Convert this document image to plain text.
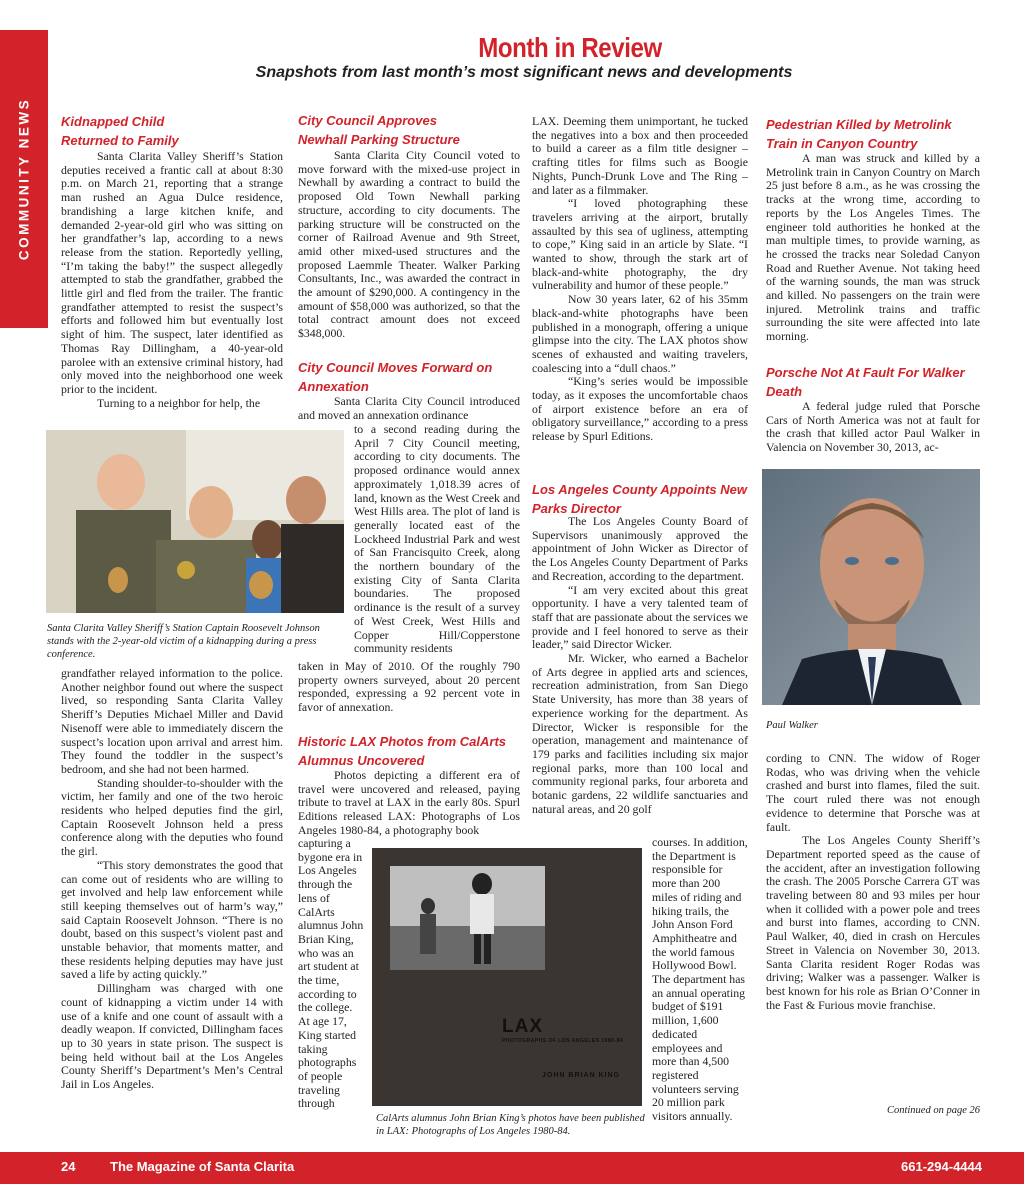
COMMUNITY NEWS
Month in Review
Snapshots from last month’s most significant news and developments
Kidnapped Child Returned to Family

Santa Clarita Valley Sheriff’s Station deputies received a frantic call at about 8:30 p.m. on March 21, reporting that a strange man rushed an Agua Dulce residence, brandishing a large kitchen knife, and demanded 2-year-old girl who was sitting on her grandfather’s lap, according to a news release from the station. Reportedly yelling, “I’m taking the baby!” the suspect allegedly attempted to stab the grandfather, grabbed the little girl and fled from the trailer. The frantic grandfather attempted to resist the suspect’s efforts and followed him but eventually lost sight of him. The suspect, later identified as Thomas Ray Dillingham, a 40-year-old parolee with an extensive criminal history, had only moved into the neighborhood one week prior to the incident.

Turning to a neighbor for help, the

Santa Clarita Valley Sheriff’s Station Captain Roosevelt Johnson stands with the 2-year-old victim of a kidnapping during a press conference.

grandfather relayed information to the police. Another neighbor found out where the suspect lived, so responding Santa Clarita Valley Sheriff’s Deputies Michael Miller and David Nisenoff were able to immediately discern the suspect’s location upon arrival and arrest him. They found the toddler in the suspect’s bedroom, and she had not been harmed.

Standing shoulder-to-shoulder with the victim, her family and one of the two heroic residents who helped deputies find the girl, Captain Roosevelt Johnson held a press conference along with the deputies who found the girl.

“This story demonstrates the good that can come out of residents who are willing to get involved and help law enforcement while still keeping themselves out of harm’s way,” said Captain Roosevelt Johnson. “There is no doubt, based on this suspect’s violent past and unstable behavior, that moments matter, and these residents helping deputies may have just saved a life by acting quickly.”

Dillingham was charged with one count of kidnapping a victim under 14 with use of a knife and one count of assault with a deadly weapon. If convicted, Dillingham faces up to 30 years in state prison. The suspect is being held without bail at the Los Angeles County Sheriff’s Department’s Men’s Central Jail in Los Angeles.

City Council Approves Newhall Parking Structure

Santa Clarita City Council voted to move forward with the mixed-use project in Newhall by awarding a contract to build the proposed Old Town Newhall parking structure, according to city documents. The parking structure will be constructed on the corner of Railroad Avenue and 9th Street, amid other mixed-used structures and the proposed Laemmle Theater. Walker Parking Consultants, Inc., was awarded the contract in the amount of $290,000. A contingency in the amount of $58,000 was authorized, so that the total contract amount does not exceed $348,000.

City Council Moves Forward on Annexation

Santa Clarita City Council introduced and moved an annexation ordinance

to a second reading during the April 7 City Council meeting, according to city documents. The proposed ordinance would annex approximately 1,018.39 acres of land, known as the West Creek and West Hills area. The plot of land is generally located east of the Lockheed Industrial Park and west of San Francisquito Creek, along the northern boundary of the existing City of Santa Clarita boundaries. The proposed ordinance is the result of a survey of West Creek, West Hills and Copper Hill/Copperstone community residents

taken in May of 2010. Of the roughly 790 property owners surveyed, about 20 percent responded, expressing a 92 percent vote in favor of annexation.

Historic LAX Photos from CalArts Alumnus Uncovered

Photos depicting a different era of travel were uncovered and released, paying tribute to travel at LAX in the early 80s. Spurl Editions released LAX: Photographs of Los Angeles 1980-84, a photography book

capturing a bygone era in Los Angeles through the lens of CalArts alumnus John Brian King, who was an art student at the time, according to the college. At age 17, King started taking photographs of people traveling through

LAX
PHOTOGRAPHS OF LOS ANGELES 1980-84
JOHN BRIAN KING
CalArts alumnus John Brian King’s photos have been published in LAX: Photographs of Los Angeles 1980-84.

LAX. Deeming them unimportant, he tucked the negatives into a box and then proceeded to build a career as a film title designer – crafting titles for films such as Boogie Nights, Punch-Drunk Love and The Ring – and later as a filmmaker.

“I loved photographing these travelers arriving at the airport, brutally assaulted by this sea of ugliness, attempting to cope,” King said in an article by Slate. “I wanted to show, through the stark art of black-and-white photography, the dry vulnerability and humor of these people.”

Now 30 years later, 62 of his 35mm black-and-white photographs have been published in a monograph, offering a unique glimpse into the city. The LAX photos show scenes of exhausted and waiting travelers, coalescing into a “dull chaos.”

“King’s series would be impossible today, as it exposes the uncomfortable chaos of airport existence before an era of obligatory surveillance,” according to a press release by Spurl Editions.

Los Angeles County Appoints New Parks Director

The Los Angeles County Board of Supervisors unanimously approved the appointment of John Wicker as Director of the Los Angeles County Department of Parks and Recreation, according to the department.

“I am very excited about this great opportunity. I have a very talented team of staff that are passionate about the services we provide and I feel honored to serve as their leader,” said Director Wicker.

Mr. Wicker, who earned a Bachelor of Arts degree in applied arts and sciences, recreation administration, from San Diego State University, has more than 38 years of experience working for the department. As Director, Wicker is responsible for the operation, management and maintenance of 179 parks and facilities including six major regional parks, more than 100 local and community regional parks, four arboreta and botanic gardens, 22 wildlife sanctuaries and natural areas, and 20 golf

courses. In addition, the Department is responsible for more than 200 miles of riding and hiking trails, the John Anson Ford Amphitheatre and the world famous Hollywood Bowl. The department has an annual operating budget of $191 million, 1,600 dedicated employees and more than 4,500 registered volunteers serving 20 million park visitors annually.

Pedestrian Killed by Metrolink Train in Canyon Country

A man was struck and killed by a Metrolink train in Canyon Country on March 25 just before 8 a.m., as he was crossing the tracks at the wrong time, according to reports by the Los Angeles Times. The engineer told authorities he honked at the man multiple times, to provide warning, as he crossed the tracks near Soledad Canyon Road and Ruether Avenue. Not taking heed of the warning sounds, the man was struck and killed. No passengers on the train were injured. Metrolink trains and traffic surrounding the site were affected into late morning.

Porsche Not At Fault For Walker Death

A federal judge ruled that Porsche Cars of North America was not at fault for the crash that killed actor Paul Walker in Valencia on November 30, 2013, ac-

Paul Walker

cording to CNN. The widow of Roger Rodas, who was driving when the vehicle crashed and burst into flames, filed the suit. The court ruled there was not enough evidence to determine that Porsche was at fault.

The Los Angeles County Sheriff’s Department reported speed as the cause of the accident, after an investigation following the crash. The 2005 Porsche Carrera GT was traveling between 80 and 93 miles per hour when it collided with a power pole and trees and burst into flames, according to CNN. Paul Walker, 40, died in crash on Hercules Street in Valencia on November 30, 2013. Santa Clarita resident Roger Rodas was driving; Walker was a passenger. Walker is best known for his role as Brian O’Conner in the Fast & Furious movie franchise.

Continued on page 26
24	The Magazine of Santa Clarita	661-294-4444
